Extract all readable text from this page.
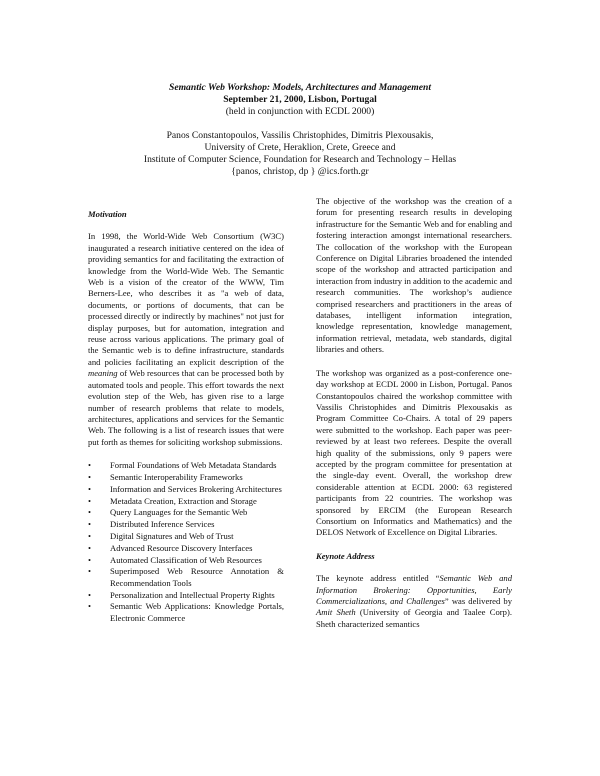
Semantic Web Workshop: Models, Architectures and Management
September 21, 2000, Lisbon, Portugal
(held in conjunction with ECDL 2000)
Panos Constantopoulos, Vassilis Christophides, Dimitris Plexousakis,
University of Crete, Heraklion, Crete, Greece and
Institute of Computer Science, Foundation for Research and Technology – Hellas
{panos, christop, dp } @ics.forth.gr
Motivation

In 1998, the World-Wide Web Consortium (W3C) inaugurated a research initiative centered on the idea of providing semantics for and facilitating the extraction of knowledge from the World-Wide Web. The Semantic Web is a vision of the creator of the WWW, Tim Berners-Lee, who describes it as "a web of data, documents, or portions of documents, that can be processed directly or indirectly by machines" not just for display purposes, but for automation, integration and reuse across various applications. The primary goal of the Semantic web is to define infrastructure, standards and policies facilitating an explicit description of the meaning of Web resources that can be processed both by automated tools and people. This effort towards the next evolution step of the Web, has given rise to a large number of research problems that relate to models, architectures, applications and services for the Semantic Web. The following is a list of research issues that were put forth as themes for soliciting workshop submissions.

• Formal Foundations of Web Metadata Standards
• Semantic Interoperability Frameworks
• Information and Services Brokering Architectures
• Metadata Creation, Extraction and Storage
• Query Languages for the Semantic Web
• Distributed Inference Services
• Digital Signatures and Web of Trust
• Advanced Resource Discovery Interfaces
• Automated Classification of Web Resources
• Superimposed Web Resource Annotation & Recommendation Tools
• Personalization and Intellectual Property Rights
• Semantic Web Applications: Knowledge Portals, Electronic Commerce

The objective of the workshop was the creation of a forum for presenting research results in developing infrastructure for the Semantic Web and for enabling and fostering interaction amongst international researchers. The collocation of the workshop with the European Conference on Digital Libraries broadened the intended scope of the workshop and attracted participation and interaction from industry in addition to the academic and research communities. The workshop’s audience comprised researchers and practitioners in the areas of databases, intelligent information integration, knowledge representation, knowledge management, information retrieval, metadata, web standards, digital libraries and others.

The workshop was organized as a post-conference one-day workshop at ECDL 2000 in Lisbon, Portugal. Panos Constantopoulos chaired the workshop committee with Vassilis Christophides and Dimitris Plexousakis as Program Committee Co-Chairs. A total of 29 papers were submitted to the workshop. Each paper was peer-reviewed by at least two referees. Despite the overall high quality of the submissions, only 9 papers were accepted by the program committee for presentation at the single-day event. Overall, the workshop drew considerable attention at ECDL 2000: 63 registered participants from 22 countries. The workshop was sponsored by ERCIM (the European Research Consortium on Informatics and Mathematics) and the DELOS Network of Excellence on Digital Libraries.

Keynote Address

The keynote address entitled “Semantic Web and Information Brokering: Opportunities, Early Commercializations, and Challenges” was delivered by Amit Sheth (University of Georgia and Taalee Corp). Sheth characterized semantics
